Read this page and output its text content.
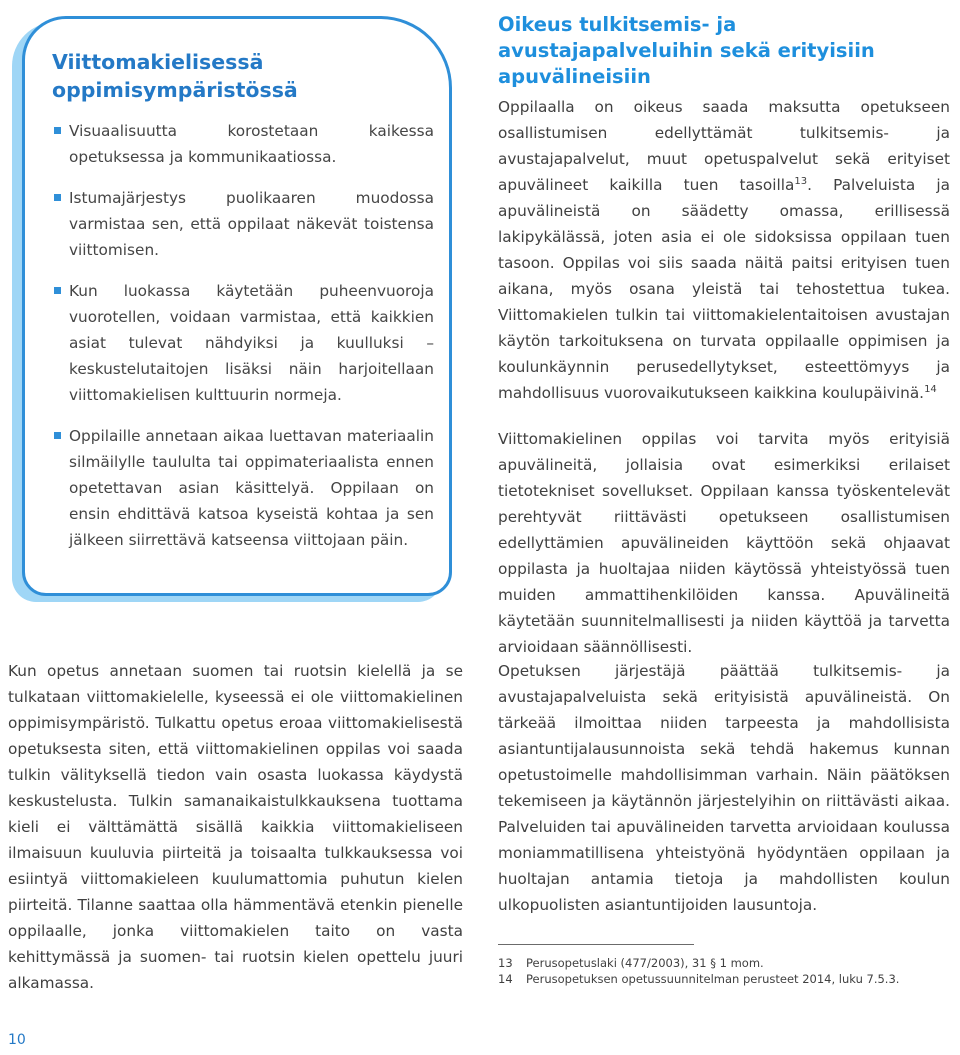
Viittomakielisessä oppimisympäristössä
Visuaalisuutta korostetaan kaikessa opetuksessa ja kommunikaatiossa.
Istumajärjestys puolikaaren muodossa varmistaa sen, että oppilaat näkevät toistensa viittomisen.
Kun luokassa käytetään puheenvuoroja vuorotellen, voidaan varmistaa, että kaikkien asiat tulevat nähdyiksi ja kuulluksi – keskustelutaitojen lisäksi näin harjoitellaan viittomakielisen kulttuurin normeja.
Oppilaille annetaan aikaa luettavan materiaalin silmäilylle taululta tai oppimateriaalista ennen opetettavan asian käsittelyä. Oppilaan on ensin ehdittävä katsoa kyseistä kohtaa ja sen jälkeen siirrettävä katseensa viittojaan päin.

Kun opetus annetaan suomen tai ruotsin kielellä ja se tulkataan viittomakielelle, kyseessä ei ole viittomakielinen oppimisympäristö. Tulkattu opetus eroaa viittomakielisestä opetuksesta siten, että viittomakielinen oppilas voi saada tulkin välityksellä tiedon vain osasta luokassa käydystä keskustelusta. Tulkin samanaikaistulkkauksena tuottama kieli ei välttämättä sisällä kaikkia viittomakieliseen ilmaisuun kuuluvia piirteitä ja toisaalta tulkkauksessa voi esiintyä viittomakieleen kuulumattomia puhutun kielen piirteitä. Tilanne saattaa olla hämmentävä etenkin pienelle oppilaalle, jonka viittomakielen taito on vasta kehittymässä ja suomen- tai ruotsin kielen opettelu juuri alkamassa.

Oikeus tulkitsemis- ja avustajapalveluihin sekä erityisiin apuvälineisiin

Oppilaalla on oikeus saada maksutta opetukseen osallistumisen edellyttämät tulkitsemis- ja avustajapalvelut, muut opetuspalvelut sekä erityiset apuvälineet kaikilla tuen tasoilla$^{13}$. Palveluista ja apuvälineistä on säädetty omassa, erillisessä lakipykälässä, joten asia ei ole sidoksissa oppilaan tuen tasoon. Oppilas voi siis saada näitä paitsi erityisen tuen aikana, myös osana yleistä tai tehostettua tukea. Viittomakielen tulkin tai viittomakielentaitoisen avustajan käytön tarkoituksena on turvata oppilaalle oppimisen ja koulunkäynnin perusedellytykset, esteettömyys ja mahdollisuus vuorovaikutukseen kaikkina koulupäivinä.$^{14}$

Viittomakielinen oppilas voi tarvita myös erityisiä apuvälineitä, jollaisia ovat esimerkiksi erilaiset tietotekniset sovellukset. Oppilaan kanssa työskentelevät perehtyvät riittävästi opetukseen osallistumisen edellyttämien apuvälineiden käyttöön sekä ohjaavat oppilasta ja huoltajaa niiden käytössä yhteistyössä tuen muiden ammattihenkilöiden kanssa. Apuvälineitä käytetään suunnitelmallisesti ja niiden käyttöä ja tarvetta arvioidaan säännöllisesti.

Opetuksen järjestäjä päättää tulkitsemis- ja avustajapalveluista sekä erityisistä apuvälineistä. On tärkeää ilmoittaa niiden tarpeesta ja mahdollisista asiantuntijalausunnoista sekä tehdä hakemus kunnan opetustoimelle mahdollisimman varhain. Näin päätöksen tekemiseen ja käytännön järjestelyihin on riittävästi aikaa. Palveluiden tai apuvälineiden tarvetta arvioidaan koulussa moniammatillisena yhteistyönä hyödyntäen oppilaan ja huoltajan antamia tietoja ja mahdollisten koulun ulkopuolisten asiantuntijoiden lausuntoja.

13 Perusopetuslaki (477/2003), 31 § 1 mom.

14 Perusopetuksen opetussuunnitelman perusteet 2014, luku 7.5.3.

10
